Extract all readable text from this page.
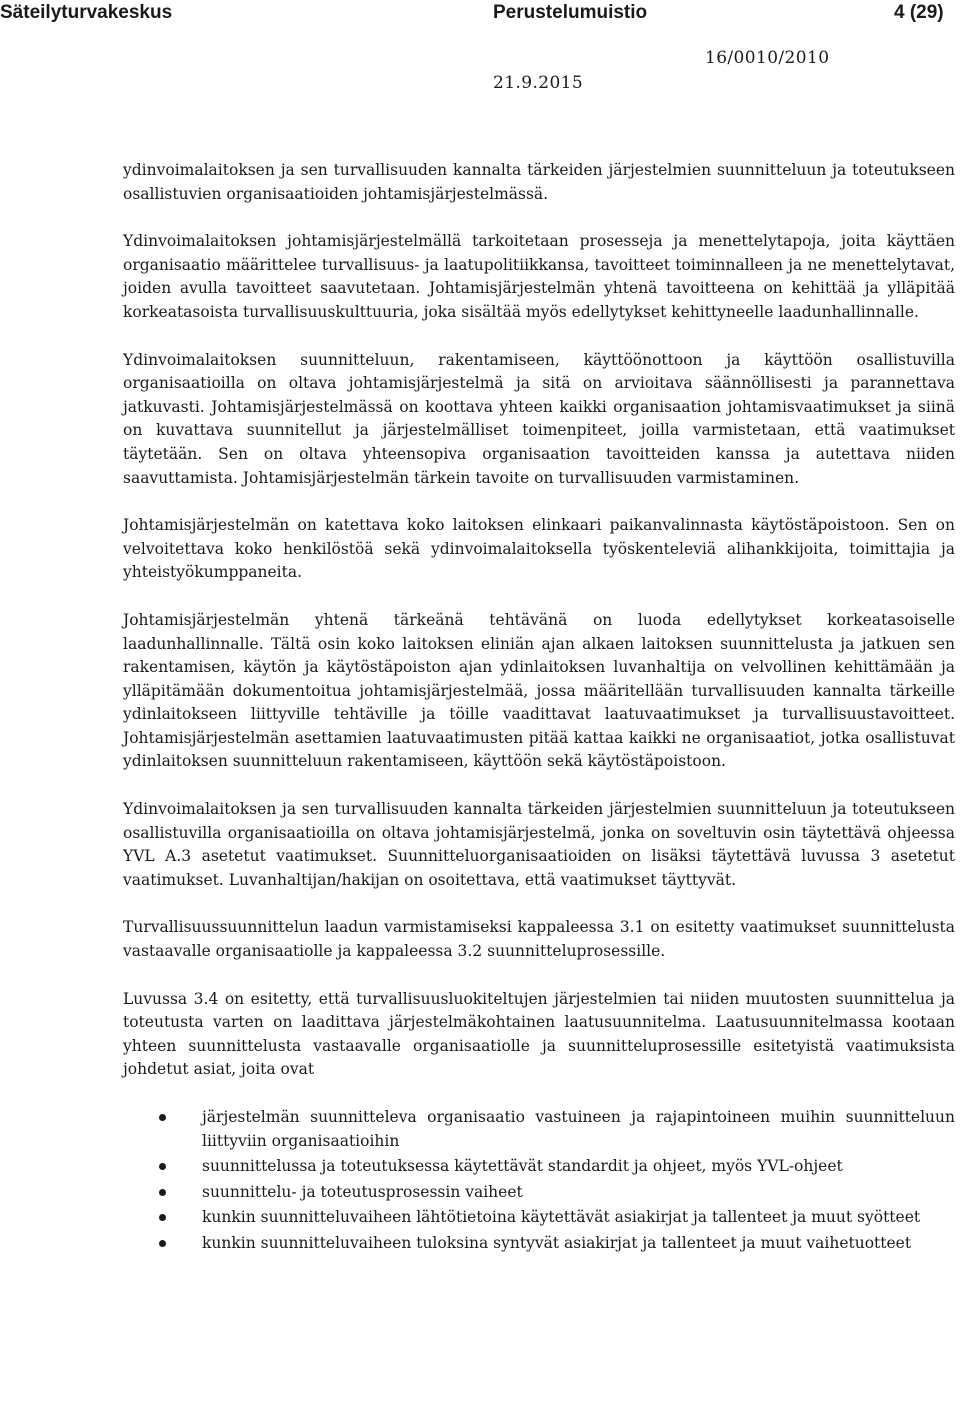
Säteilyturvakeskus	Perustelumuistio	4 (29)
16/0010/2010
21.9.2015

ydinvoimalaitoksen ja sen turvallisuuden kannalta tärkeiden järjestelmien suunnitteluun ja toteutukseen osallistuvien organisaatioiden johtamisjärjestelmässä.

Ydinvoimalaitoksen johtamisjärjestelmällä tarkoitetaan prosesseja ja menettelytapoja, joita käyttäen organisaatio määrittelee turvallisuus- ja laatupolitiikkansa, tavoitteet toiminnalleen ja ne menettelytavat, joiden avulla tavoitteet saavutetaan. Johtamisjärjestelmän yhtenä tavoitteena on kehittää ja ylläpitää korkeatasoista turvallisuuskulttuuria, joka sisältää myös edellytykset kehittyneelle laadunhallinnalle.

Ydinvoimalaitoksen suunnitteluun, rakentamiseen, käyttöönottoon ja käyttöön osallistuvilla organisaatioilla on oltava johtamisjärjestelmä ja sitä on arvioitava säännöllisesti ja parannettava jatkuvasti. Johtamisjärjestelmässä on koottava yhteen kaikki organisaation johtamisvaatimukset ja siinä on kuvattava suunnitellut ja järjestelmälliset toimenpiteet, joilla varmistetaan, että vaatimukset täytetään. Sen on oltava yhteensopiva organisaation tavoitteiden kanssa ja autettava niiden saavuttamista. Johtamisjärjestelmän tärkein tavoite on turvallisuuden varmistaminen.

Johtamisjärjestelmän on katettava koko laitoksen elinkaari paikanvalinnasta käytöstäpoistoon. Sen on velvoitettava koko henkilöstöä sekä ydinvoimalaitoksella työskenteleviä alihankkijoita, toimittajia ja yhteistyökumppaneita.

Johtamisjärjestelmän yhtenä tärkeänä tehtävänä on luoda edellytykset korkeatasoiselle laadunhallinnalle. Tältä osin koko laitoksen eliniän ajan alkaen laitoksen suunnittelusta ja jatkuen sen rakentamisen, käytön ja käytöstäpoiston ajan ydinlaitoksen luvanhaltija on velvollinen kehittämään ja ylläpitämään dokumentoitua johtamisjärjestelmää, jossa määritellään turvallisuuden kannalta tärkeille ydinlaitokseen liittyville tehtäville ja töille vaadittavat laatuvaatimukset ja turvallisuustavoitteet. Johtamisjärjestelmän asettamien laatuvaatimusten pitää kattaa kaikki ne organisaatiot, jotka osallistuvat ydinlaitoksen suunnitteluun rakentamiseen, käyttöön sekä käytöstäpoistoon.

Ydinvoimalaitoksen ja sen turvallisuuden kannalta tärkeiden järjestelmien suunnitteluun ja toteutukseen osallistuvilla organisaatioilla on oltava johtamisjärjestelmä, jonka on soveltuvin osin täytettävä ohjeessa YVL A.3 asetetut vaatimukset. Suunnitteluorganisaatioiden on lisäksi täytettävä luvussa 3 asetetut vaatimukset. Luvanhaltijan/hakijan on osoitettava, että vaatimukset täyttyvät.

Turvallisuussuunnittelun laadun varmistamiseksi kappaleessa 3.1 on esitetty vaatimukset suunnittelusta vastaavalle organisaatiolle ja kappaleessa 3.2 suunnitteluprosessille.

Luvussa 3.4 on esitetty, että turvallisuusluokiteltujen järjestelmien tai niiden muutosten suunnittelua ja toteutusta varten on laadittava järjestelmäkohtainen laatusuunnitelma. Laatusuunnitelmassa kootaan yhteen suunnittelusta vastaavalle organisaatiolle ja suunnitteluprosessille esitetyistä vaatimuksista johdetut asiat, joita ovat

järjestelmän suunnitteleva organisaatio vastuineen ja rajapintoineen muihin suunnitteluun liittyviin organisaatioihin
suunnittelussa ja toteutuksessa käytettävät standardit ja ohjeet, myös YVL-ohjeet
suunnittelu- ja toteutusprosessin vaiheet
kunkin suunnitteluvaiheen lähtötietoina käytettävät asiakirjat ja tallenteet ja muut syötteet
kunkin suunnitteluvaiheen tuloksina syntyvät asiakirjat ja tallenteet ja muut vaihetuotteet
